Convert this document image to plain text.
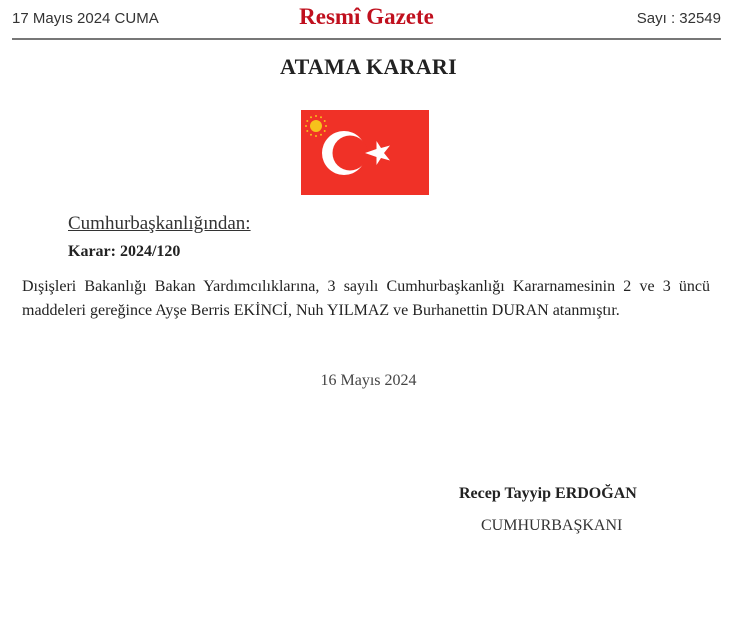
17 Mayıs 2024 CUMA	Resmî Gazete	Sayı : 32549
ATAMA KARARI
Cumhurbaşkanlığından:
Karar: 2024/120
Dışişleri Bakanlığı Bakan Yardımcılıklarına, 3 sayılı Cumhurbaşkanlığı Kararnamesinin 2 ve 3 üncü maddeleri gereğince Ayşe Berris EKİNCİ, Nuh YILMAZ ve Burhanettin DURAN atanmıştır.
16 Mayıs 2024
Recep Tayyip ERDOĞAN
CUMHURBAŞKANI
